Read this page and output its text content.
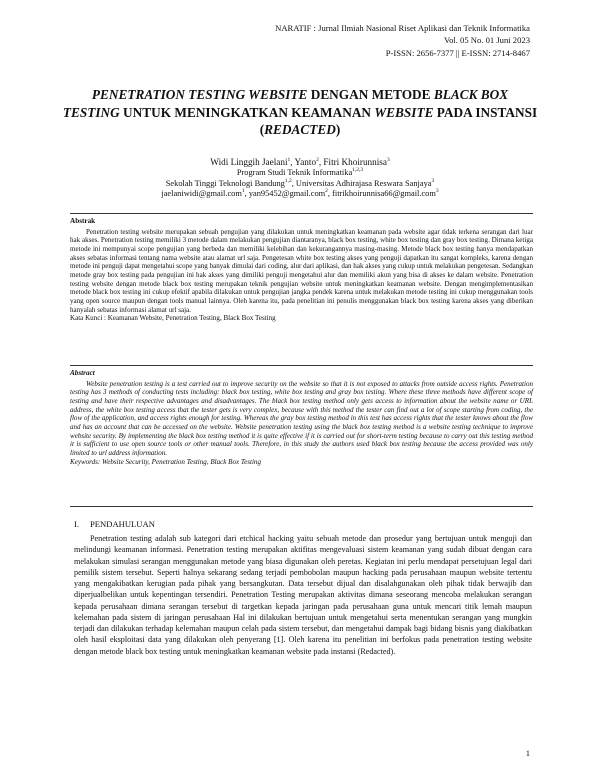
NARATIF : Jurnal Ilmiah Nasional Riset Aplikasi dan Teknik Informatika
Vol. 05 No. 01 Juni 2023
P-ISSN: 2656-7377 || E-ISSN: 2714-8467
PENETRATION TESTING WEBSITE DENGAN METODE BLACK BOX TESTING UNTUK MENINGKATKAN KEAMANAN WEBSITE PADA INSTANSI (REDACTED)
Widi Linggih Jaelani$^1$, Yanto$^2$, Fitri Khoirunnisa$^3$
Program Studi Teknik Informatika$^{1,2,3}$
Sekolah Tinggi Teknologi Bandung$^{1,2}$, Universitas Adhirajasa Reswara Sanjaya$^3$
jaelaniwidi@gmail.com$^1$, yan95452@gmail.com$^2$, fitrikhoirunnisa66@gmail.com$^3$
Abstrak

Penetration testing website merupakan sebuah pengujian yang dilakukan untuk meningkatkan keamanan pada website agar tidak terkena serangan dari luar hak akses. Penetration testing memiliki 3 metode dalam melakukan pengujian diantaranya, black box testing, white box testing dan gray box testing. Dimana ketiga metode ini mempunyai scope pengujian yang berbeda dan memiliki kelebihan dan kekurangannya masing-masing. Metode black box testing hanya mendapatkan akses sebatas informasi tentang nama website atau alamat url saja. Pengetesan white box testing akses yang penguji dapatkan itu sangat kompleks, karena dengan metode ini penguji dapat mengetahui scope yang banyak dimulai dari coding, alur dari aplikasi, dan hak akses yang cukup untuk melakukan pengetesan. Sedangkan metode gray box testing pada pengujian ini hak akses yang dimiliki penguji mengetahui alur dan memiliki akun yang bisa di akses ke dalam website. Penetration testing website dengan metode black box testing merupakan teknik pengujian website untuk meningkatkan keamanan website. Dengan mengimplementasikan metode black box testing ini cukup efektif apabila dilakukan untuk pengujian jangka pendek karena untuk melakukan metode testing ini cukup menggunakan tools yang open source maupun dengan tools manual lainnya. Oleh karena itu, pada penelitian ini penulis menggunakan black box testing karena akses yang diberikan hanyalah sebatas informasi alamat url saja.

Kata Kunci : Keamanan Website, Penetration Testing, Black Box Testing
Abstract

Website penetration testing is a test carried out to improve security on the website so that it is not exposed to attacks from outside access rights. Penetration testing has 3 methods of conducting tests including: black box testing, white box testing and gray box testing. Where these three methods have different scope of testing and have their respective advantages and disadvantages. The black box testing method only gets access to information about the website name or URL address, the white box testing access that the tester gets is very complex, because with this method the tester can find out a lot of scope starting from coding, the flow of the application, and access rights enough for testing. Whereas the gray box testing method in this test has access rights that the tester knows about the flow and has an account that can be accessed on the website. Website penetration testing using the black box testing method is a website testing technique to improve website security. By implementing the black box testing method it is quite effective if it is carried out for short-term testing because to carry out this testing method it is sufficient to use open source tools or other manual tools. Therefore, in this study the authors used black box testing because the access provided was only limited to url address information.

Keywords: Website Security, Penetration Testing, Black Box Testing
I. PENDAHULUAN

Penetration testing adalah sub kategori dari etchical hacking yaitu sebuah metode dan prosedur yang bertujuan untuk menguji dan melindungi keamanan informasi. Penetration testing merupakan aktifitas mengevaluasi sistem keamanan yang sudah dibuat dengan cara melakukan simulasi serangan menggunakan metode yang biasa digunakan oleh peretas. Kegiatan ini perlu mendapat persetujuan legal dari pemilik sistem tersebut. Seperti halnya sekarang sedang terjadi pembobolan maupun hacking pada perusahaan maupun website tertentu yang mengakibatkan kerugian pada pihak yang bersangkutan. Data tersebut dijual dan disalahgunakan oleh pihak tidak berwajib dan diperjualbelikan untuk kepentingan tersendiri. Penetration Testing merupakan aktivitas dimana seseorang mencoba melakukan serangan kepada perusahaan dimana serangan tersebut di targetkan kepada jaringan pada perusahaan guna untuk mencari titik lemah maupun kelemahan pada sistem di jaringan perusahaan Hal ini dilakukan bertujuan untuk mengetahui serta menentukan serangan yang mungkin terjadi dan dilakukan terhadap kelemahan maupun celah pada sistem tersebut, dan mengetahui dampak bagi bidang bisnis yang diakibatkan oleh hasil eksploitasi data yang dilakukan oleh penyerang [1]. Oleh karena itu penelitian ini berfokus pada penetration testing website dengan metode black box testing untuk meningkatkan keamanan website pada instansi (Redacted).

1
